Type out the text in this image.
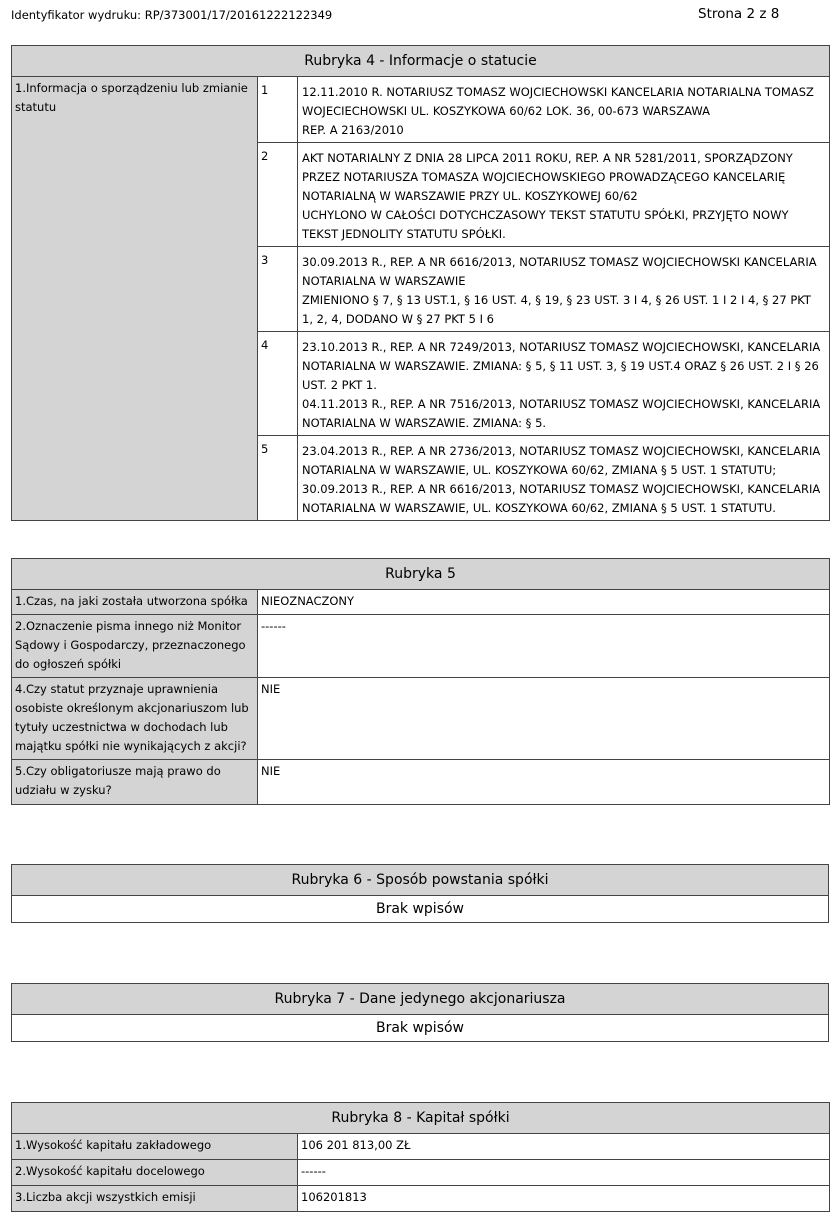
Identyfikator wydruku: RP/373001/17/20161222122349	Strona 2 z 8
Rubryka 4 - Informacje o statucie		
1.Informacja o sporządzeniu lub zmianie statutu	1	12.11.2010 R. NOTARIUSZ TOMASZ WOJCIECHOWSKI KANCELARIA NOTARIALNA TOMASZ WOJECIECHOWSKI UL. KOSZYKOWA 60/62 LOK. 36, 00-673 WARSZAWA
REP. A 2163/2010
	2	AKT NOTARIALNY Z DNIA 28 LIPCA 2011 ROKU, REP. A NR 5281/2011, SPORZĄDZONY PRZEZ NOTARIUSZA TOMASZA WOJCIECHOWSKIEGO PROWADZĄCEGO KANCELARIĘ NOTARIALNĄ W WARSZAWIE PRZY UL. KOSZYKOWEJ 60/62
UCHYLONO W CAŁOŚCI DOTYCHCZASOWY TEKST STATUTU SPÓŁKI, PRZYJĘTO NOWY TEKST JEDNOLITY STATUTU SPÓŁKI.
	3	30.09.2013 R., REP. A NR 6616/2013, NOTARIUSZ TOMASZ WOJCIECHOWSKI KANCELARIA NOTARIALNA W WARSZAWIE
ZMIENIONO § 7, § 13 UST.1, § 16 UST. 4, § 19, § 23 UST. 3 I 4, § 26 UST. 1 I 2 I 4, § 27 PKT 1, 2, 4, DODANO W § 27 PKT 5 I 6
	4	23.10.2013 R., REP. A NR 7249/2013, NOTARIUSZ TOMASZ WOJCIECHOWSKI, KANCELARIA NOTARIALNA W WARSZAWIE. ZMIANA: § 5, § 11 UST. 3, § 19 UST.4 ORAZ § 26 UST. 2 I § 26 UST. 2 PKT 1.
04.11.2013 R., REP. A NR 7516/2013, NOTARIUSZ TOMASZ WOJCIECHOWSKI, KANCELARIA NOTARIALNA W WARSZAWIE. ZMIANA: § 5.
	5	23.04.2013 R., REP. A NR 2736/2013, NOTARIUSZ TOMASZ WOJCIECHOWSKI, KANCELARIA NOTARIALNA W WARSZAWIE, UL. KOSZYKOWA 60/62, ZMIANA § 5 UST. 1 STATUTU;
30.09.2013 R., REP. A NR 6616/2013, NOTARIUSZ TOMASZ WOJCIECHOWSKI, KANCELARIA NOTARIALNA W WARSZAWIE, UL. KOSZYKOWA 60/62, ZMIANA § 5 UST. 1 STATUTU.
Rubryka 5	
1.Czas, na jaki została utworzona spółka	NIEOZNACZONY
2.Oznaczenie pisma innego niż Monitor Sądowy i Gospodarczy, przeznaczonego do ogłoszeń spółki	------
4.Czy statut przyznaje uprawnienia osobiste określonym akcjonariuszom lub tytuły uczestnictwa w dochodach lub majątku spółki nie wynikających z akcji?	NIE
5.Czy obligatoriusze mają prawo do udziału w zysku?	NIE
Rubryka 6 - Sposób powstania spółki
Brak wpisów
Rubryka 7 - Dane jedynego akcjonariusza
Brak wpisów
Rubryka 8 - Kapitał spółki	
1.Wysokość kapitału zakładowego	106 201 813,00 ZŁ
2.Wysokość kapitału docelowego	------
3.Liczba akcji wszystkich emisji	106201813
